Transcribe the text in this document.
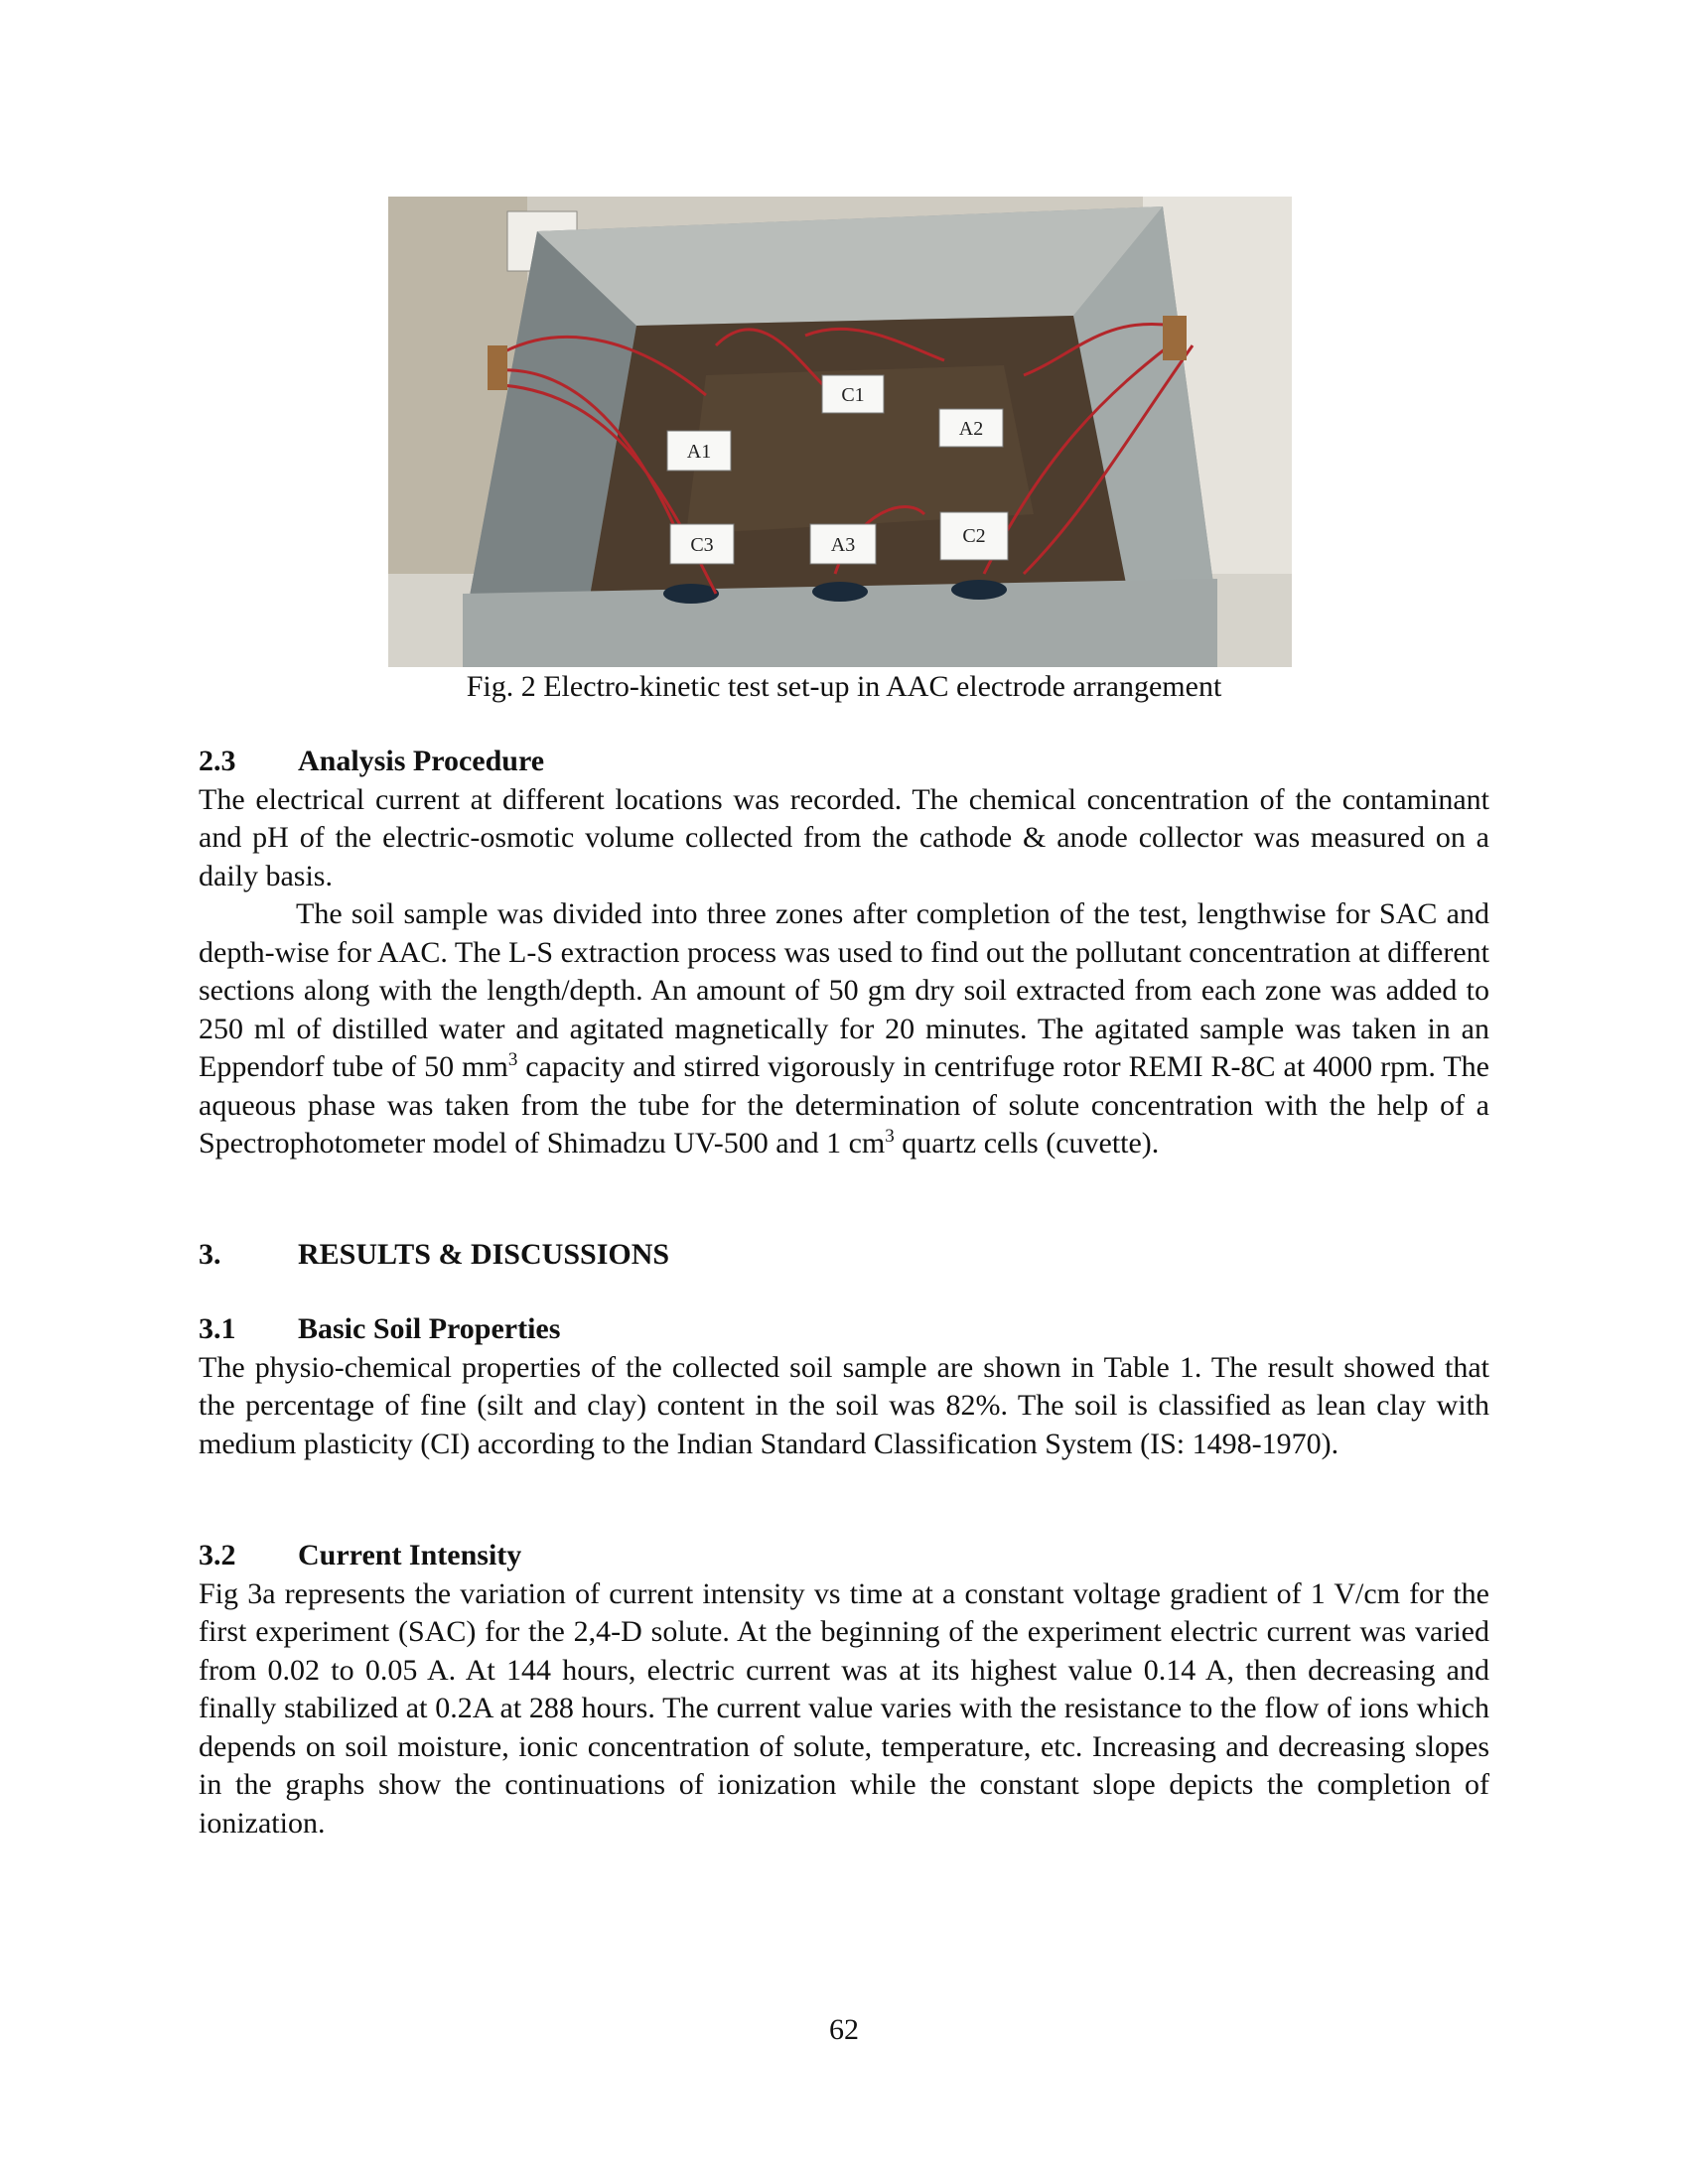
C1
A2
A1
C3	A3	C2
Fig. 2 Electro-kinetic test set-up in AAC electrode arrangement
2.3	Analysis Procedure

The electrical current at different locations was recorded. The chemical concentration of the contaminant and pH of the electric-osmotic volume collected from the cathode & anode collector was measured on a daily basis.

The soil sample was divided into three zones after completion of the test, lengthwise for SAC and depth-wise for AAC. The L-S extraction process was used to find out the pollutant concentration at different sections along with the length/depth. An amount of 50 gm dry soil extracted from each zone was added to 250 ml of distilled water and agitated magnetically for 20 minutes. The agitated sample was taken in an Eppendorf tube of 50 $mm^3$ capacity and stirred vigorously in centrifuge rotor REMI R-8C at 4000 rpm. The aqueous phase was taken from the tube for the determination of solute concentration with the help of a Spectrophotometer model of Shimadzu UV-500 and 1 $cm^3$ quartz cells (cuvette).

3.	RESULTS & DISCUSSIONS
3.1	Basic Soil Properties

The physio-chemical properties of the collected soil sample are shown in Table 1. The result showed that the percentage of fine (silt and clay) content in the soil was 82%. The soil is classified as lean clay with medium plasticity (CI) according to the Indian Standard Classification System (IS: 1498-1970).

3.2	Current Intensity

Fig 3a represents the variation of current intensity vs time at a constant voltage gradient of 1 V/cm for the first experiment (SAC) for the 2,4-D solute. At the beginning of the experiment electric current was varied from 0.02 to 0.05 A. At 144 hours, electric current was at its highest value 0.14 A, then decreasing and finally stabilized at 0.2A at 288 hours. The current value varies with the resistance to the flow of ions which depends on soil moisture, ionic concentration of solute, temperature, etc. Increasing and decreasing slopes in the graphs show the continuations of ionization while the constant slope depicts the completion of ionization.

62
